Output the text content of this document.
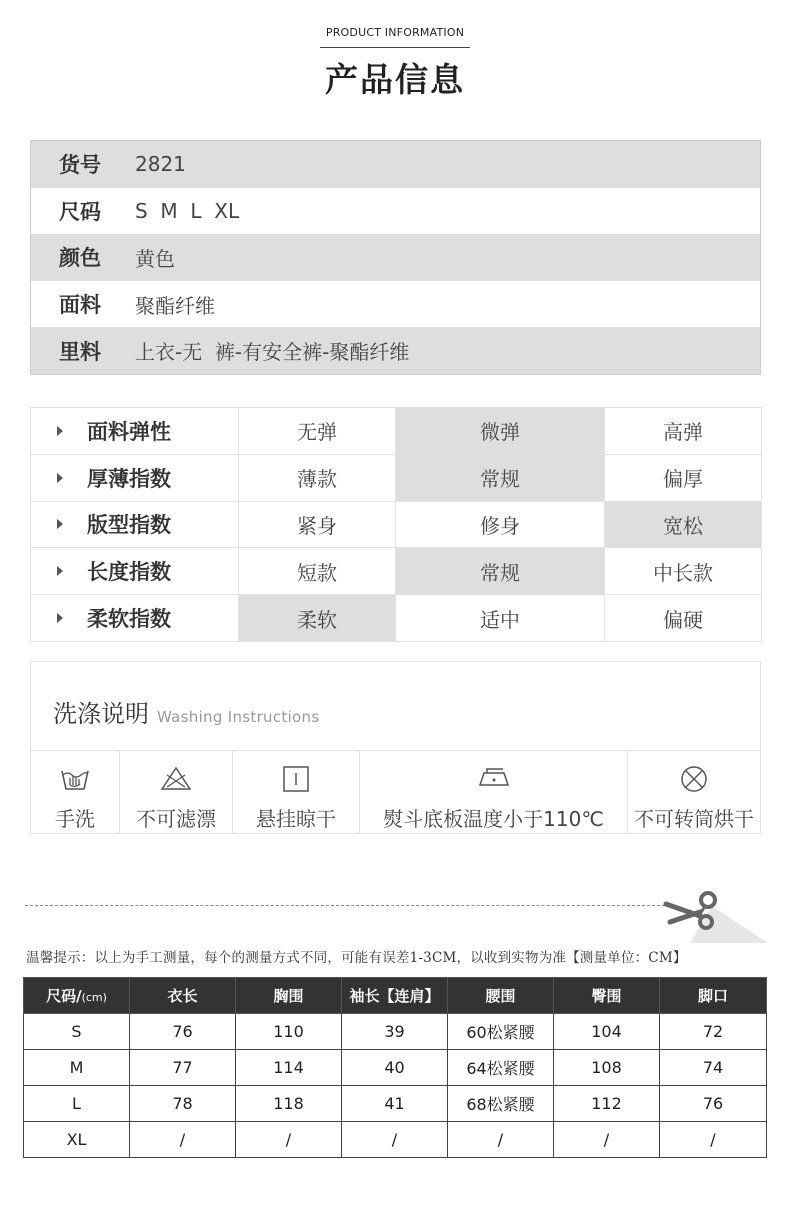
PRODUCT INFORMATION
产品信息
货号	2821
尺码	S  M  L  XL
颜色	黄色
面料	聚酯纤维
里料	上衣-无  裤-有安全裤-聚酯纤维
面料弹性	无弹	微弹	高弹
厚薄指数	薄款	常规	偏厚
版型指数	紧身	修身	宽松
长度指数	短款	常规	中长款
柔软指数	柔软	适中	偏硬
洗涤说明 Washing Instructions
手洗	不可滤漂	悬挂晾干	熨斗底板温度小于110℃	不可转筒烘干
温馨提示：以上为手工测量，每个的测量方式不同，可能有误差1-3CM，以收到实物为准【测量单位：CM】
尺码/(cm)	衣长	胸围	袖长【连肩】	腰围	臀围	脚口
S	76	110	39	60松紧腰	104	72
M	77	114	40	64松紧腰	108	74
L	78	118	41	68松紧腰	112	76
XL	/	/	/	/	/	/
